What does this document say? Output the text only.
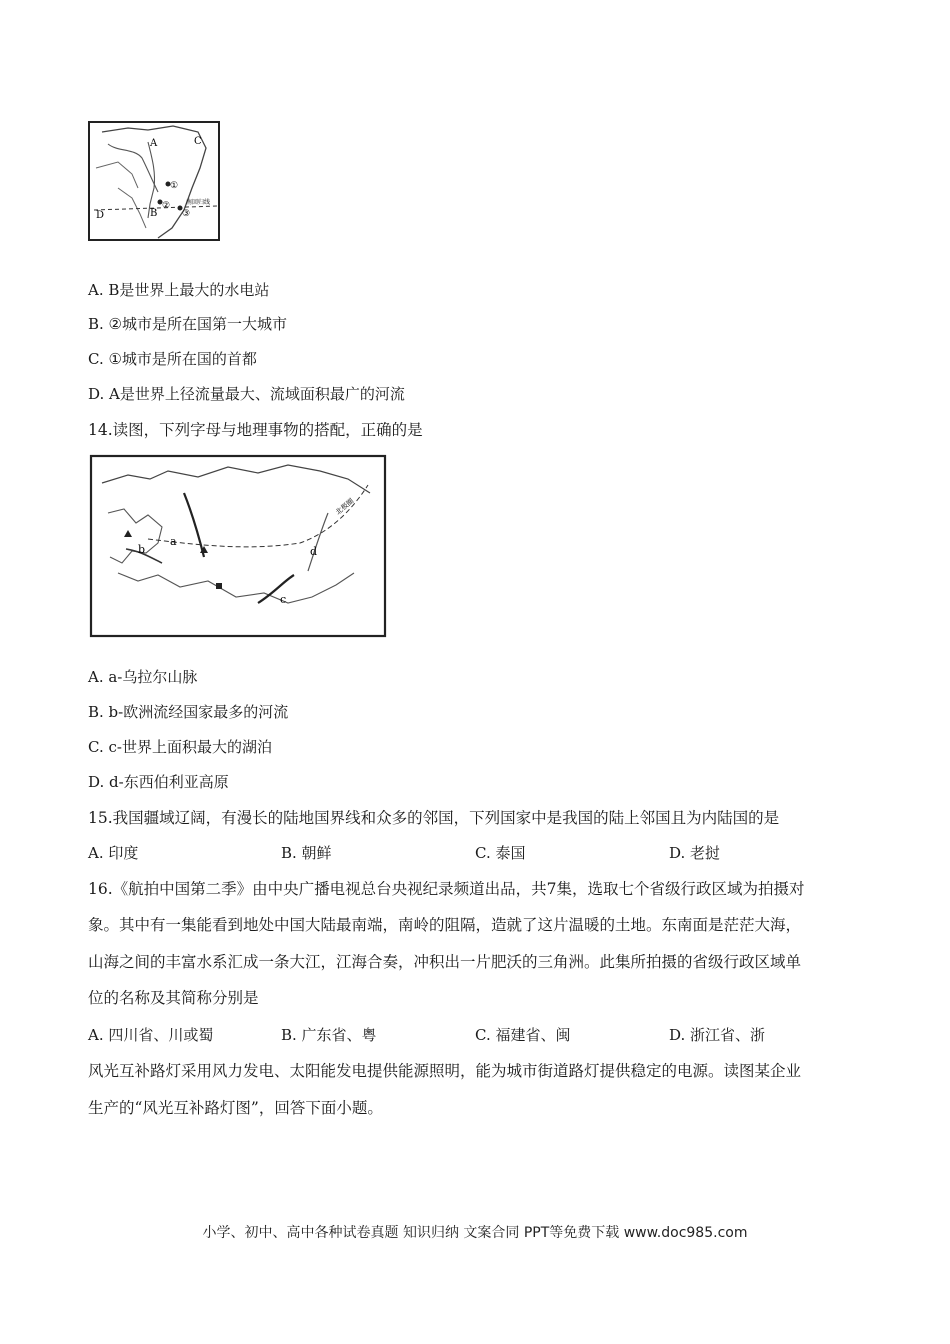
A
B
C
D
①
②
③
南回归线
A. B是世界上最大的水电站
B. ②城市是所在国第一大城市
C. ①城市是所在国的首都
D. A是世界上径流量最大、流域面积最广的河流
14.读图，下列字母与地理事物的搭配，正确的是
a
b
c
d
北极圈
A. a-乌拉尔山脉
B. b-欧洲流经国家最多的河流
C. c-世界上面积最大的湖泊
D. d-东西伯利亚高原
15.我国疆域辽阔，有漫长的陆地国界线和众多的邻国，下列国家中是我国的陆上邻国且为内陆国的是
A. 印度	B. 朝鲜	C. 泰国	D. 老挝
16.《航拍中国第二季》由中央广播电视总台央视纪录频道出品，共7集，选取七个省级行政区域为拍摄对
象。其中有一集能看到地处中国大陆最南端，南岭的阻隔，造就了这片温暖的土地。东南面是茫茫大海，
山海之间的丰富水系汇成一条大江，江海合奏，冲积出一片肥沃的三角洲。此集所拍摄的省级行政区域单
位的名称及其简称分别是
A. 四川省、川或蜀	B. 广东省、粤	C. 福建省、闽	D. 浙江省、浙
风光互补路灯采用风力发电、太阳能发电提供能源照明，能为城市街道路灯提供稳定的电源。读图某企业
生产的“风光互补路灯图”，回答下面小题。
小学、初中、高中各种试卷真题 知识归纳 文案合同 PPT等免费下载 www.doc985.com
